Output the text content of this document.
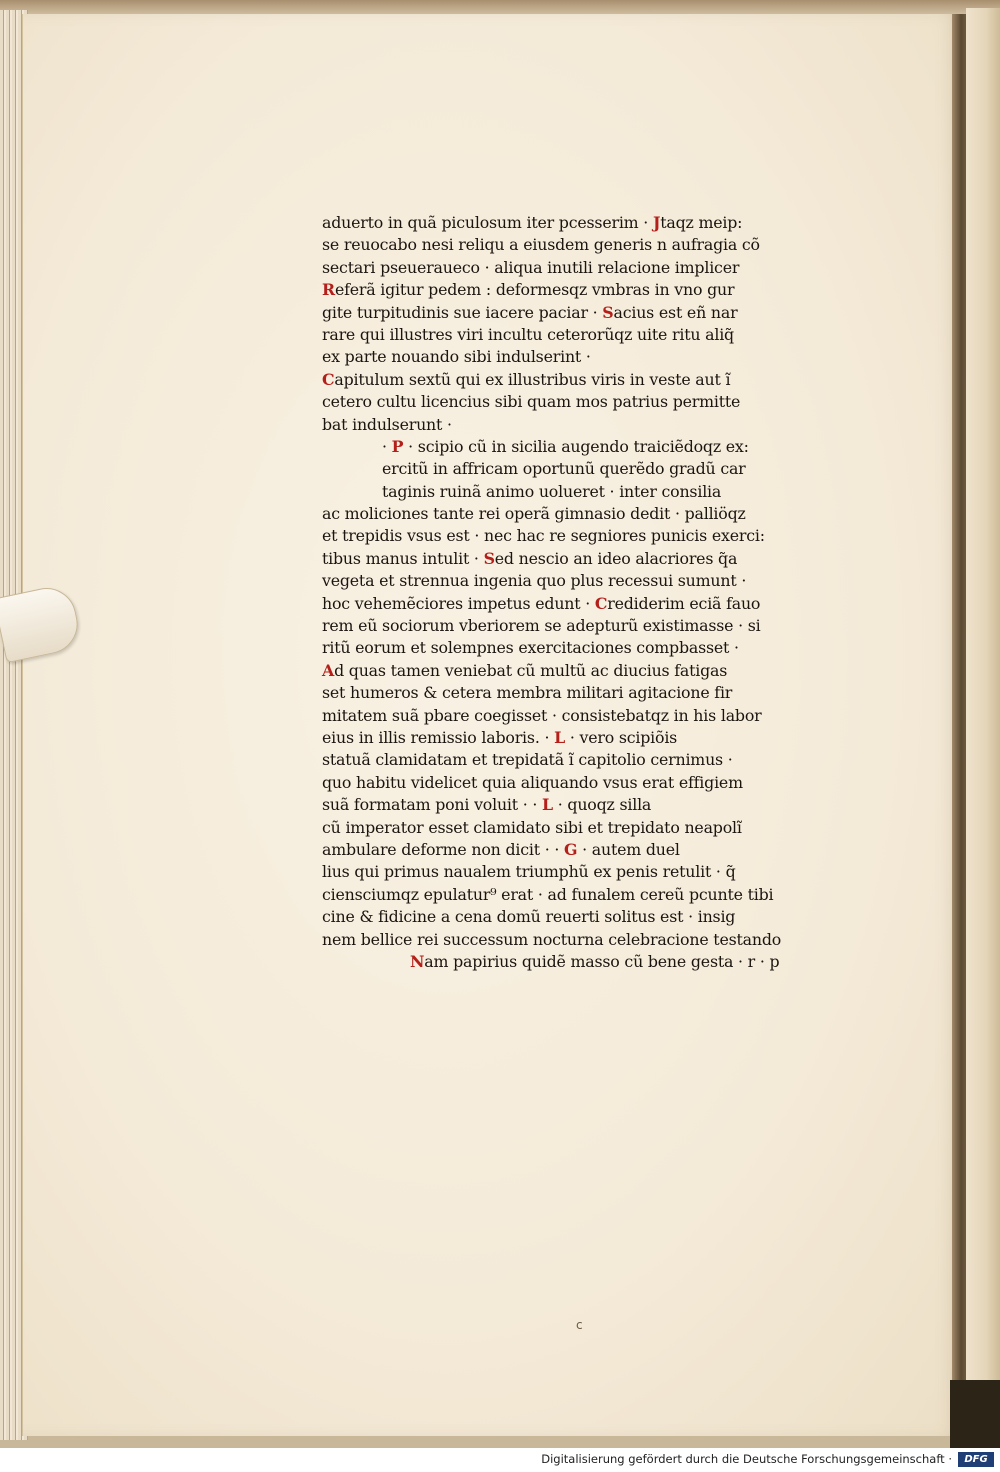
aduerto in quã piculosum iter pcesserim · Jtaqz meip:
se reuocabo nesi reliqu a eiusdem generis n aufragia cõ
sectari pseueraueco · aliqua inutili relacione implicer
Referã igitur pedem : deformesqz vmbras in vno gur
gite turpitudinis sue iacere paciar · Sacius est eñ nar
rare qui illustres viri incultu ceterorũqz uite ritu aliq̃
ex parte nouando sibi indulserint ·
Capitulum sextũ qui ex illustribus viris in veste aut ĩ
cetero cultu licencius sibi quam mos patrius permitte
bat indulserunt ·
· P · scipio cũ in sicilia augendo traiciẽdoqz ex:
ercitũ in affricam oportunũ querẽdo gradũ car
taginis ruinã animo uolueret · inter consilia
ac moliciones tante rei operã gimnasio dedit · palliöqz
et trepidis vsus est · nec hac re segniores punicis exerci:
tibus manus intulit · Sed nescio an ideo alacriores q̃a
vegeta et strennua ingenia quo plus recessui sumunt ·
hoc vehemẽciores impetus edunt · Crediderim eciã fauo
rem eũ sociorum vberiorem se adepturũ existimasse · si
ritũ eorum et solempnes exercitaciones compbasset ·
Ad quas tamen veniebat cũ multũ ac diucius fatigas
set humeros & cetera membra militari agitacione fir
mitatem suã pbare coegisset · consistebatqz in his labor
eius in illis remissio laboris. · L · vero scipiõis
statuã clamidatam et trepidatã ĩ capitolio cernimus ·
quo habitu videlicet quia aliquando vsus erat effigiem
suã formatam poni voluit · · L · quoqz silla
cũ imperator esset clamidato sibi et trepidato neapolĩ
ambulare deforme non dicit · · G · autem duel
lius qui primus naualem triumphũ ex penis retulit · q̃
ciensciumqz epulatur⁹ erat · ad funalem cereũ pcunte tibi
cine & fidicine a cena domũ reuerti solitus est · insig
nem bellice rei successum nocturna celebracione testando
Nam papirius quidẽ masso cũ bene gesta · r · p
c
Digitalisierung gefördert durch die Deutsche Forschungsgemeinschaft ·	DFG
